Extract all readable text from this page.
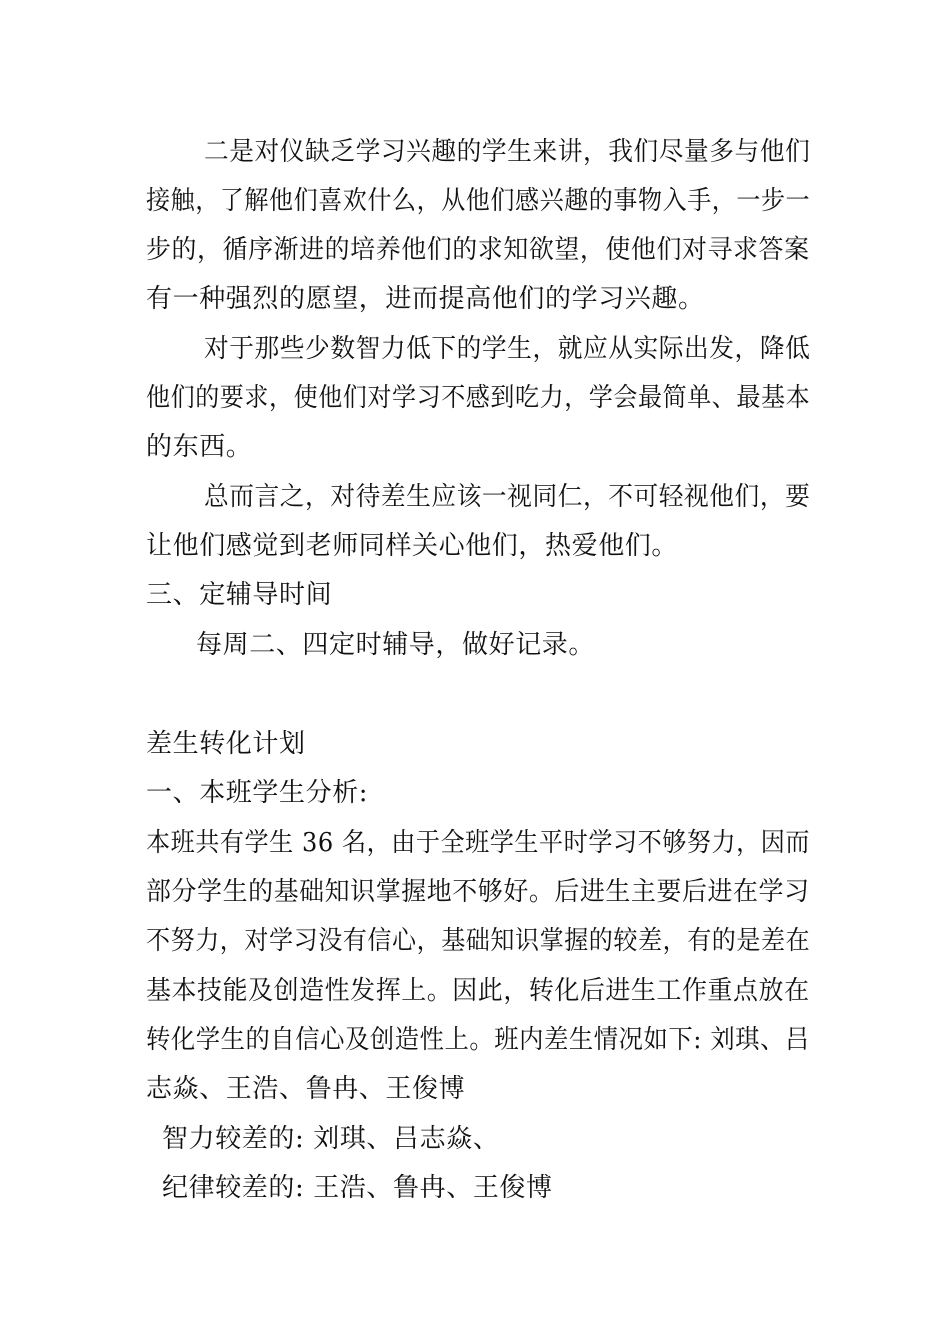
二是对仪缺乏学习兴趣的学生来讲，我们尽量多与他们
接触，了解他们喜欢什么，从他们感兴趣的事物入手，一步一
步的，循序渐进的培养他们的求知欲望，使他们对寻求答案
有一种强烈的愿望，进而提高他们的学习兴趣。
对于那些少数智力低下的学生，就应从实际出发，降低
他们的要求，使他们对学习不感到吃力，学会最简单、最基本
的东西。
总而言之，对待差生应该一视同仁，不可轻视他们，要
让他们感觉到老师同样关心他们，热爱他们。
三、定辅导时间
每周二、四定时辅导，做好记录。
差生转化计划
一、本班学生分析:
本班共有学生 36 名，由于全班学生平时学习不够努力，因而
部分学生的基础知识掌握地不够好。后进生主要后进在学习
不努力，对学习没有信心，基础知识掌握的较差，有的是差在
基本技能及创造性发挥上。因此，转化后进生工作重点放在
转化学生的自信心及创造性上。班内差生情况如下: 刘琪、吕
志焱、王浩、鲁冉、王俊博
智力较差的: 刘琪、吕志焱、
纪律较差的: 王浩、鲁冉、王俊博
